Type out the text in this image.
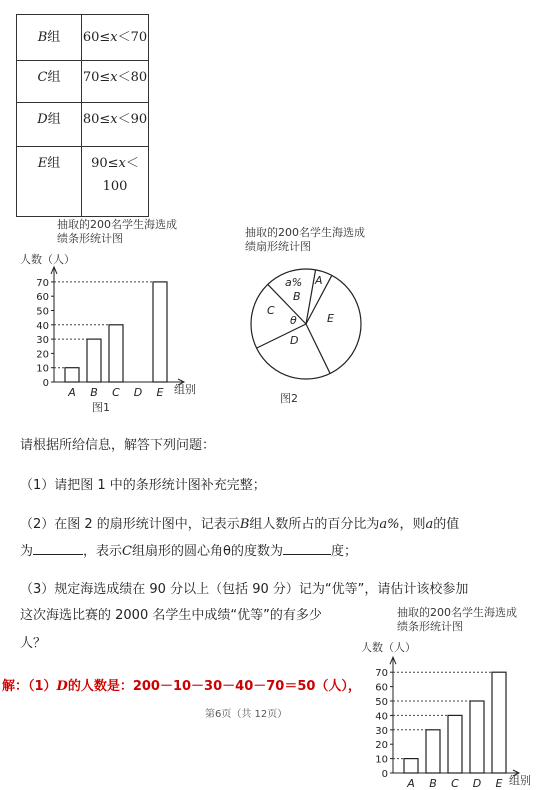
B组	60≤x＜70

C组	70≤x＜80

D组	80≤x＜90

E组	90≤x＜
100
抽取的200名学生海选成
绩条形统计图
人数（人）
组别
图1
0
10
20
30
40
50
60
70
A B C D E
抽取的200名学生海选成
绩扇形统计图
A
a%
B
C
θ
D
E
图2
请根据所给信息，解答下列问题：
（1）请把图 1 中的条形统计图补充完整；
（2）在图 2 的扇形统计图中，记表示B组人数所占的百分比为a%，则a的值
为	，表示C组扇形的圆心角θ的度数为	度；
（3）规定海选成绩在 90 分以上（包括 90 分）记为“优等”，请估计该校参加
这次海选比赛的 2000 名学生中成绩“优等”的有多少
人？
解：（1）D的人数是：200－10－30－40－70＝50（人），
第6页（共 12页）
抽取的200名学生海选成
绩条形统计图
人数（人）
组别
0
10
20
30
40
50
60
70
A B C D E
